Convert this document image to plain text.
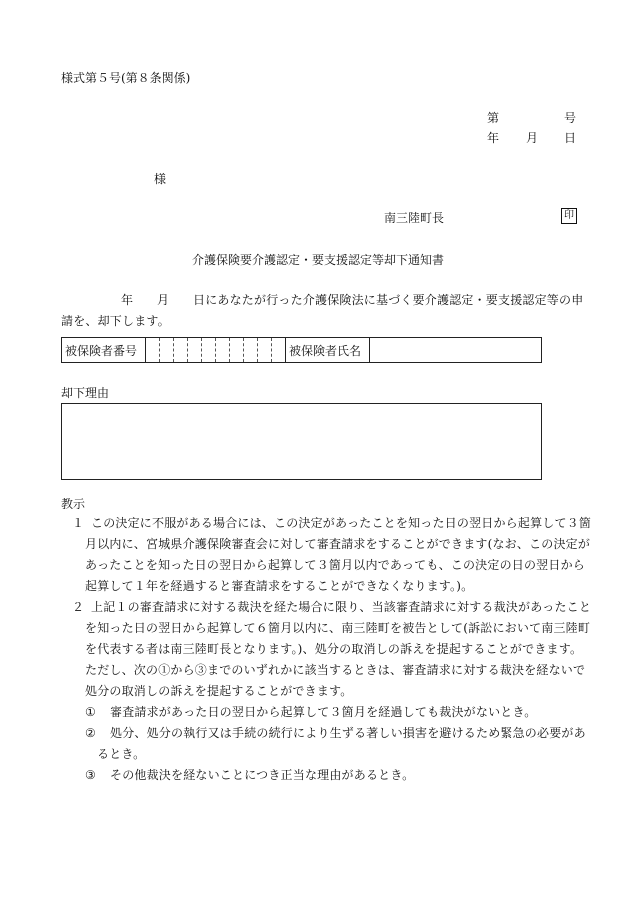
様式第５号(第８条関係)
第	号
年 月 日
様
南三陸町長	印
介護保険要介護認定・要支援認定等却下通知書
年 月 日にあなたが行った介護保険法に基づく要介護認定・要支援認定等の申
請を、却下します。
被保険者番号											被保険者氏名	
却下理由
教示
１ この決定に不服がある場合には、この決定があったことを知った日の翌日から起算して３箇
月以内に、宮城県介護保険審査会に対して審査請求をすることができます(なお、この決定が
あったことを知った日の翌日から起算して３箇月以内であっても、この決定の日の翌日から
起算して１年を経過すると審査請求をすることができなくなります。)。
２ 上記１の審査請求に対する裁決を経た場合に限り、当該審査請求に対する裁決があったこと
を知った日の翌日から起算して６箇月以内に、南三陸町を被告として(訴訟において南三陸町
を代表する者は南三陸町長となります。)、処分の取消しの訴えを提起することができます。
ただし、次の①から③までのいずれかに該当するときは、審査請求に対する裁決を経ないで
処分の取消しの訴えを提起することができます。
① 審査請求があった日の翌日から起算して３箇月を経過しても裁決がないとき。
② 処分、処分の執行又は手続の続行により生ずる著しい損害を避けるため緊急の必要があ
るとき。
③ その他裁決を経ないことにつき正当な理由があるとき。
